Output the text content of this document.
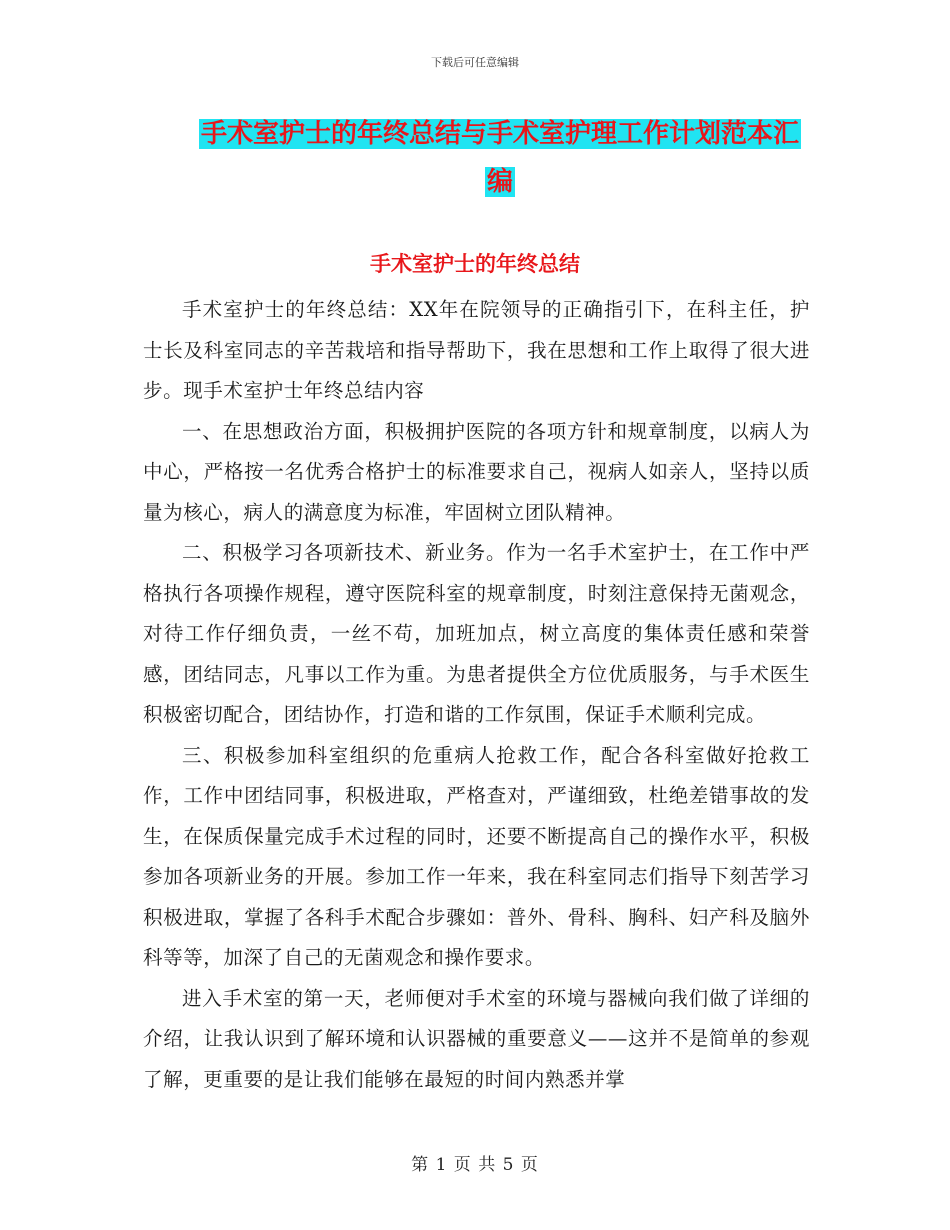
下载后可任意编辑
手术室护士的年终总结与手术室护理工作计划范本汇
编
手术室护士的年终总结

手术室护士的年终总结：XX年在院领导的正确指引下，在科主任，护士长及科室同志的辛苦栽培和指导帮助下，我在思想和工作上取得了很大进步。现手术室护士年终总结内容

一、在思想政治方面，积极拥护医院的各项方针和规章制度，以病人为中心，严格按一名优秀合格护士的标准要求自己，视病人如亲人，坚持以质量为核心，病人的满意度为标准，牢固树立团队精神。

二、积极学习各项新技术、新业务。作为一名手术室护士，在工作中严格执行各项操作规程，遵守医院科室的规章制度，时刻注意保持无菌观念，对待工作仔细负责，一丝不苟，加班加点，树立高度的集体责任感和荣誉感，团结同志，凡事以工作为重。为患者提供全方位优质服务，与手术医生积极密切配合，团结协作，打造和谐的工作氛围，保证手术顺利完成。

三、积极参加科室组织的危重病人抢救工作，配合各科室做好抢救工作，工作中团结同事，积极进取，严格查对，严谨细致，杜绝差错事故的发生，在保质保量完成手术过程的同时，还要不断提高自己的操作水平，积极参加各项新业务的开展。参加工作一年来，我在科室同志们指导下刻苦学习积极进取，掌握了各科手术配合步骤如：普外、骨科、胸科、妇产科及脑外科等等，加深了自己的无菌观念和操作要求。

进入手术室的第一天，老师便对手术室的环境与器械向我们做了详细的介绍，让我认识到了解环境和认识器械的重要意义——这并不是简单的参观了解，更重要的是让我们能够在最短的时间内熟悉并掌

第 1 页 共 5 页
